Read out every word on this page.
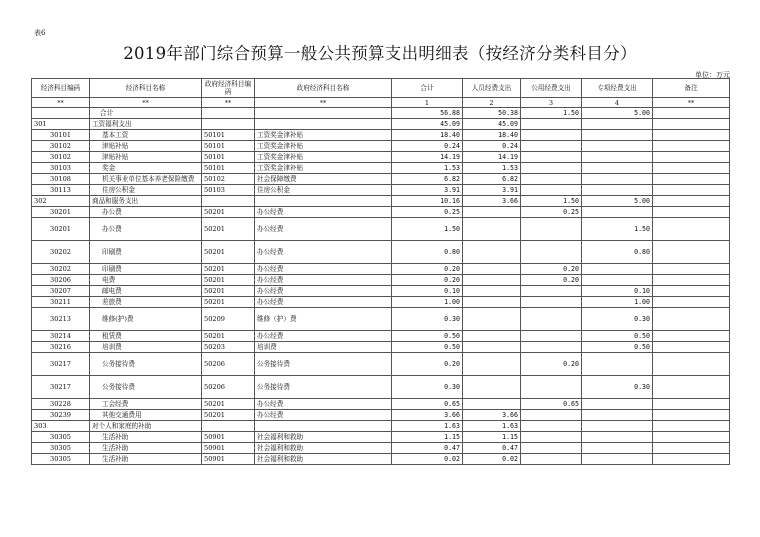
表6
2019年部门综合预算一般公共预算支出明细表（按经济分类科目分）
单位：万元
经济科目编码	经济科目名称	政府经济科目编码	政府经济科目名称	合计	人员经费支出	公用经费支出	专项经费支出	备注
**	**	**	**	1	2	3	4	**
	合计			56.88	50.38	1.50	5.00	
301	工资福利支出			45.09	45.09			
30101	基本工资	50101	工资奖金津补贴	18.40	18.40			
30102	津贴补贴	50101	工资奖金津补贴	0.24	0.24			
30102	津贴补贴	50101	工资奖金津补贴	14.19	14.19			
30103	奖金	50101	工资奖金津补贴	1.53	1.53			
30108	机关事业单位基本养老保险缴费	50102	社会保障缴费	6.82	6.82			
30113	住房公积金	50103	住房公积金	3.91	3.91			
302	商品和服务支出			10.16	3.66	1.50	5.00	
30201	办公费	50201	办公经费	0.25		0.25		
30201	办公费	50201	办公经费	1.50			1.50	
30202	印刷费	50201	办公经费	0.80			0.80	
30202	印刷费	50201	办公经费	0.20		0.20		
30206	电费	50201	办公经费	0.20		0.20		
30207	邮电费	50201	办公经费	0.10			0.10	
30211	差旅费	50201	办公经费	1.00			1.00	
30213	维修(护)费	50209	维修（护）费	0.30			0.30	
30214	租赁费	50201	办公经费	0.50			0.50	
30216	培训费	50203	培训费	0.50			0.50	
30217	公务接待费	50206	公务接待费	0.20		0.20		
30217	公务接待费	50206	公务接待费	0.30			0.30	
30228	工会经费	50201	办公经费	0.65		0.65		
30239	其他交通费用	50201	办公经费	3.66	3.66			
303	对个人和家庭的补助			1.63	1.63			
30305	生活补助	50901	社会福利和救助	1.15	1.15			
30305	生活补助	50901	社会福利和救助	0.47	0.47			
30305	生活补助	50901	社会福利和救助	0.02	0.02			
